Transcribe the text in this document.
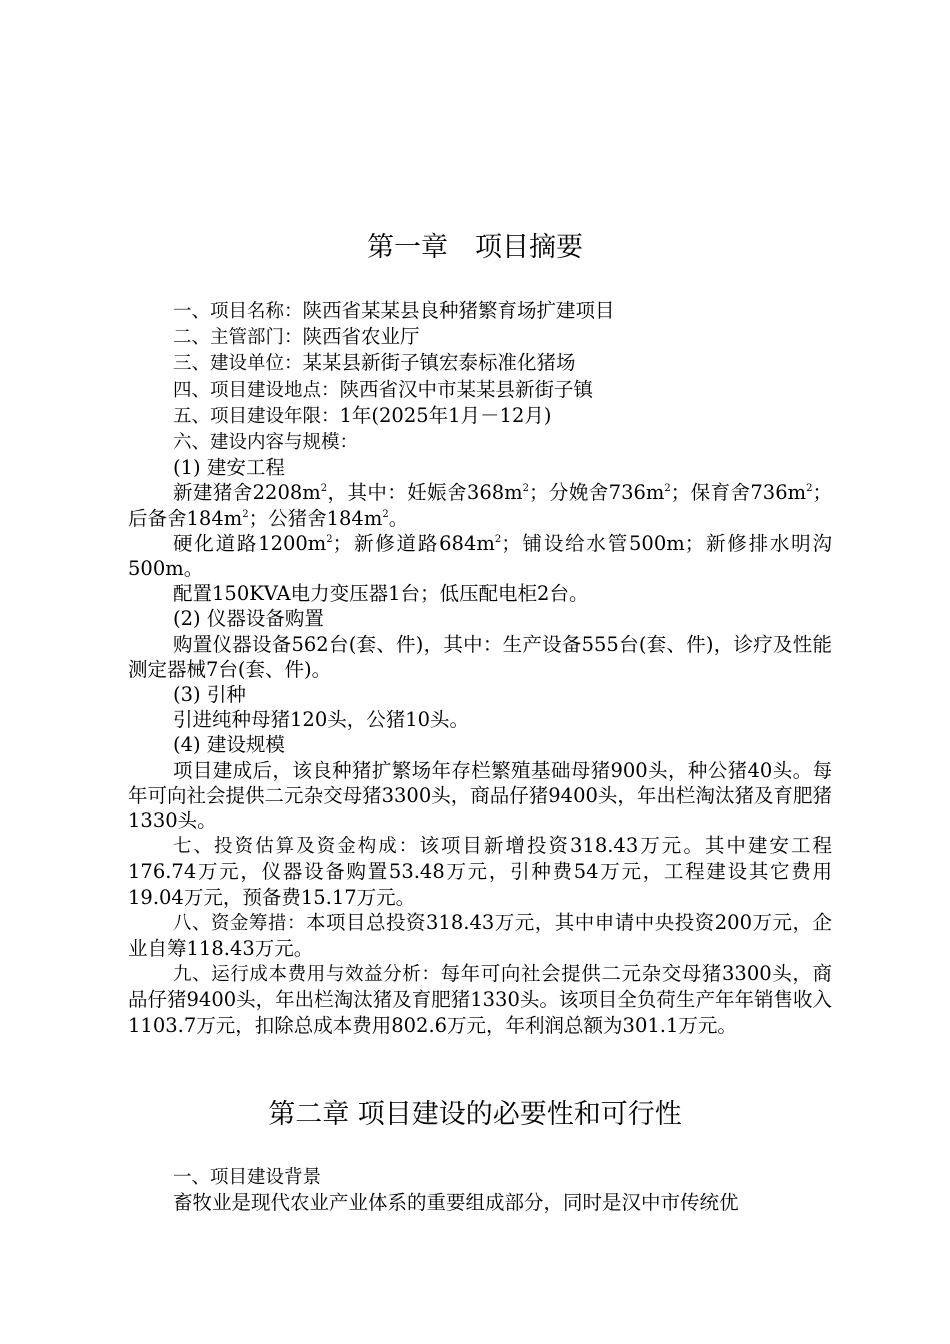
第一章　项目摘要

一、项目名称：陕西省某某县良种猪繁育场扩建项目

二、主管部门：陕西省农业厅

三、建设单位：某某县新街子镇宏泰标准化猪场

四、项目建设地点：陕西省汉中市某某县新街子镇

五、项目建设年限：1年(2025年1月－12月)

六、建设内容与规模：

(1) 建安工程

新建猪舍$2208m^2$，其中：妊娠舍$368m^2$；分娩舍$736m^2$；保育舍$736m^2$；后备舍$184m^2$；公猪舍$184m^2$。

硬化道路$1200m^2$；新修道路$684m^2$；铺设给水管500m；新修排水明沟500m。

配置150KVA电力变压器1台；低压配电柜2台。

(2) 仪器设备购置

购置仪器设备562台(套、件)，其中：生产设备555台(套、件)，诊疗及性能测定器械7台(套、件)。

(3) 引种

引进纯种母猪120头，公猪10头。

(4) 建设规模

项目建成后，该良种猪扩繁场年存栏繁殖基础母猪900头，种公猪40头。每年可向社会提供二元杂交母猪3300头，商品仔猪9400头，年出栏淘汰猪及育肥猪1330头。

七、投资估算及资金构成：该项目新增投资318.43万元。其中建安工程176.74万元，仪器设备购置53.48万元，引种费54万元，工程建设其它费用19.04万元，预备费15.17万元。

八、资金筹措：本项目总投资318.43万元，其中申请中央投资200万元，企业自筹118.43万元。

九、运行成本费用与效益分析：每年可向社会提供二元杂交母猪3300头，商品仔猪9400头，年出栏淘汰猪及育肥猪1330头。该项目全负荷生产年年销售收入1103.7万元，扣除总成本费用802.6万元，年利润总额为301.1万元。

第二章 项目建设的必要性和可行性

一、项目建设背景

畜牧业是现代农业产业体系的重要组成部分，同时是汉中市传统优
